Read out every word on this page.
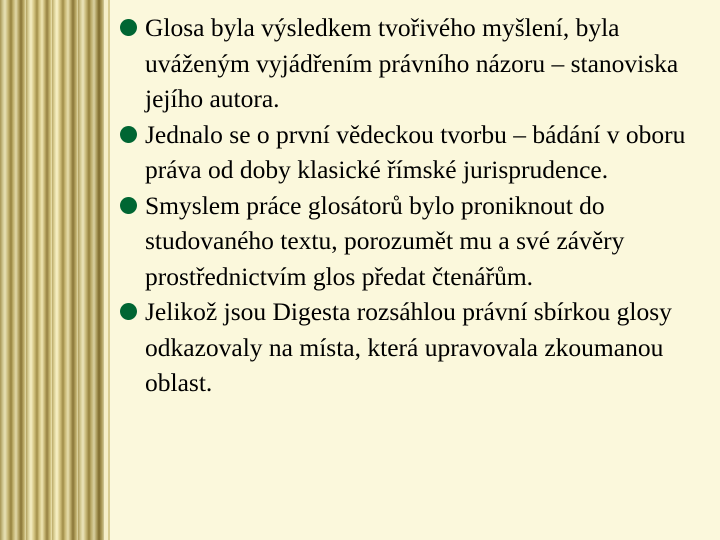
Glosa byla výsledkem tvořivého myšlení, byla uváženým vyjádřením právního názoru – stanoviska jejího autora.
Jednalo se o první vědeckou tvorbu – bádání v oboru práva od doby klasické římské jurisprudence.
Smyslem práce glosátorů bylo proniknout do studovaného textu, porozumět mu a své závěry prostřednictvím glos předat čtenářům.
Jelikož jsou Digesta rozsáhlou právní sbírkou glosy odkazovaly na místa, která upravovala zkoumanou oblast.
